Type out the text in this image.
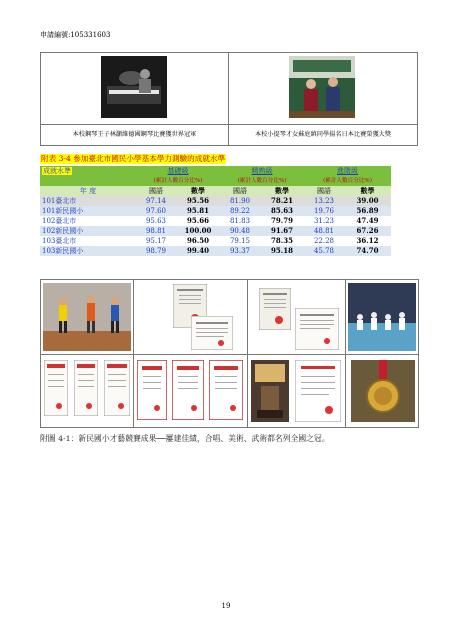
申請編號:105331603
本校鋼琴王子林灝維德國鋼琴比賽獲世界冠軍	本校小提琴才女蘇庭縝同學揚名日本比賽榮獲大獎
附表 3-4 參加臺北市國民小學基本學力測驗的成就水準
成就水準	基礎級		精熟級		進階級	
	(累計人數百分比%)		(累計人數百分比%)		(累計人數百分比%)	
年 度	國語	數學	國語	數學	國語	數學
101臺北市	97.14	95.56	81.90	78.21	13.23	39.00
101新民國小	97.60	95.81	89.22	85.63	19.76	56.89
102臺北市	95.63	95.66	81.83	79.79	31.23	47.49
102新民國小	98.81	100.00	90.48	91.67	48.81	67.26
103臺北市	95.17	96.50	79.15	78.35	22.28	36.12
103新民國小	98.79	99.40	93.37	95.18	45.78	74.70
附圖 4-1：新民國小才藝競賽成果──屢建佳績，合唱、美術、武術都名列全國之冠。
19
